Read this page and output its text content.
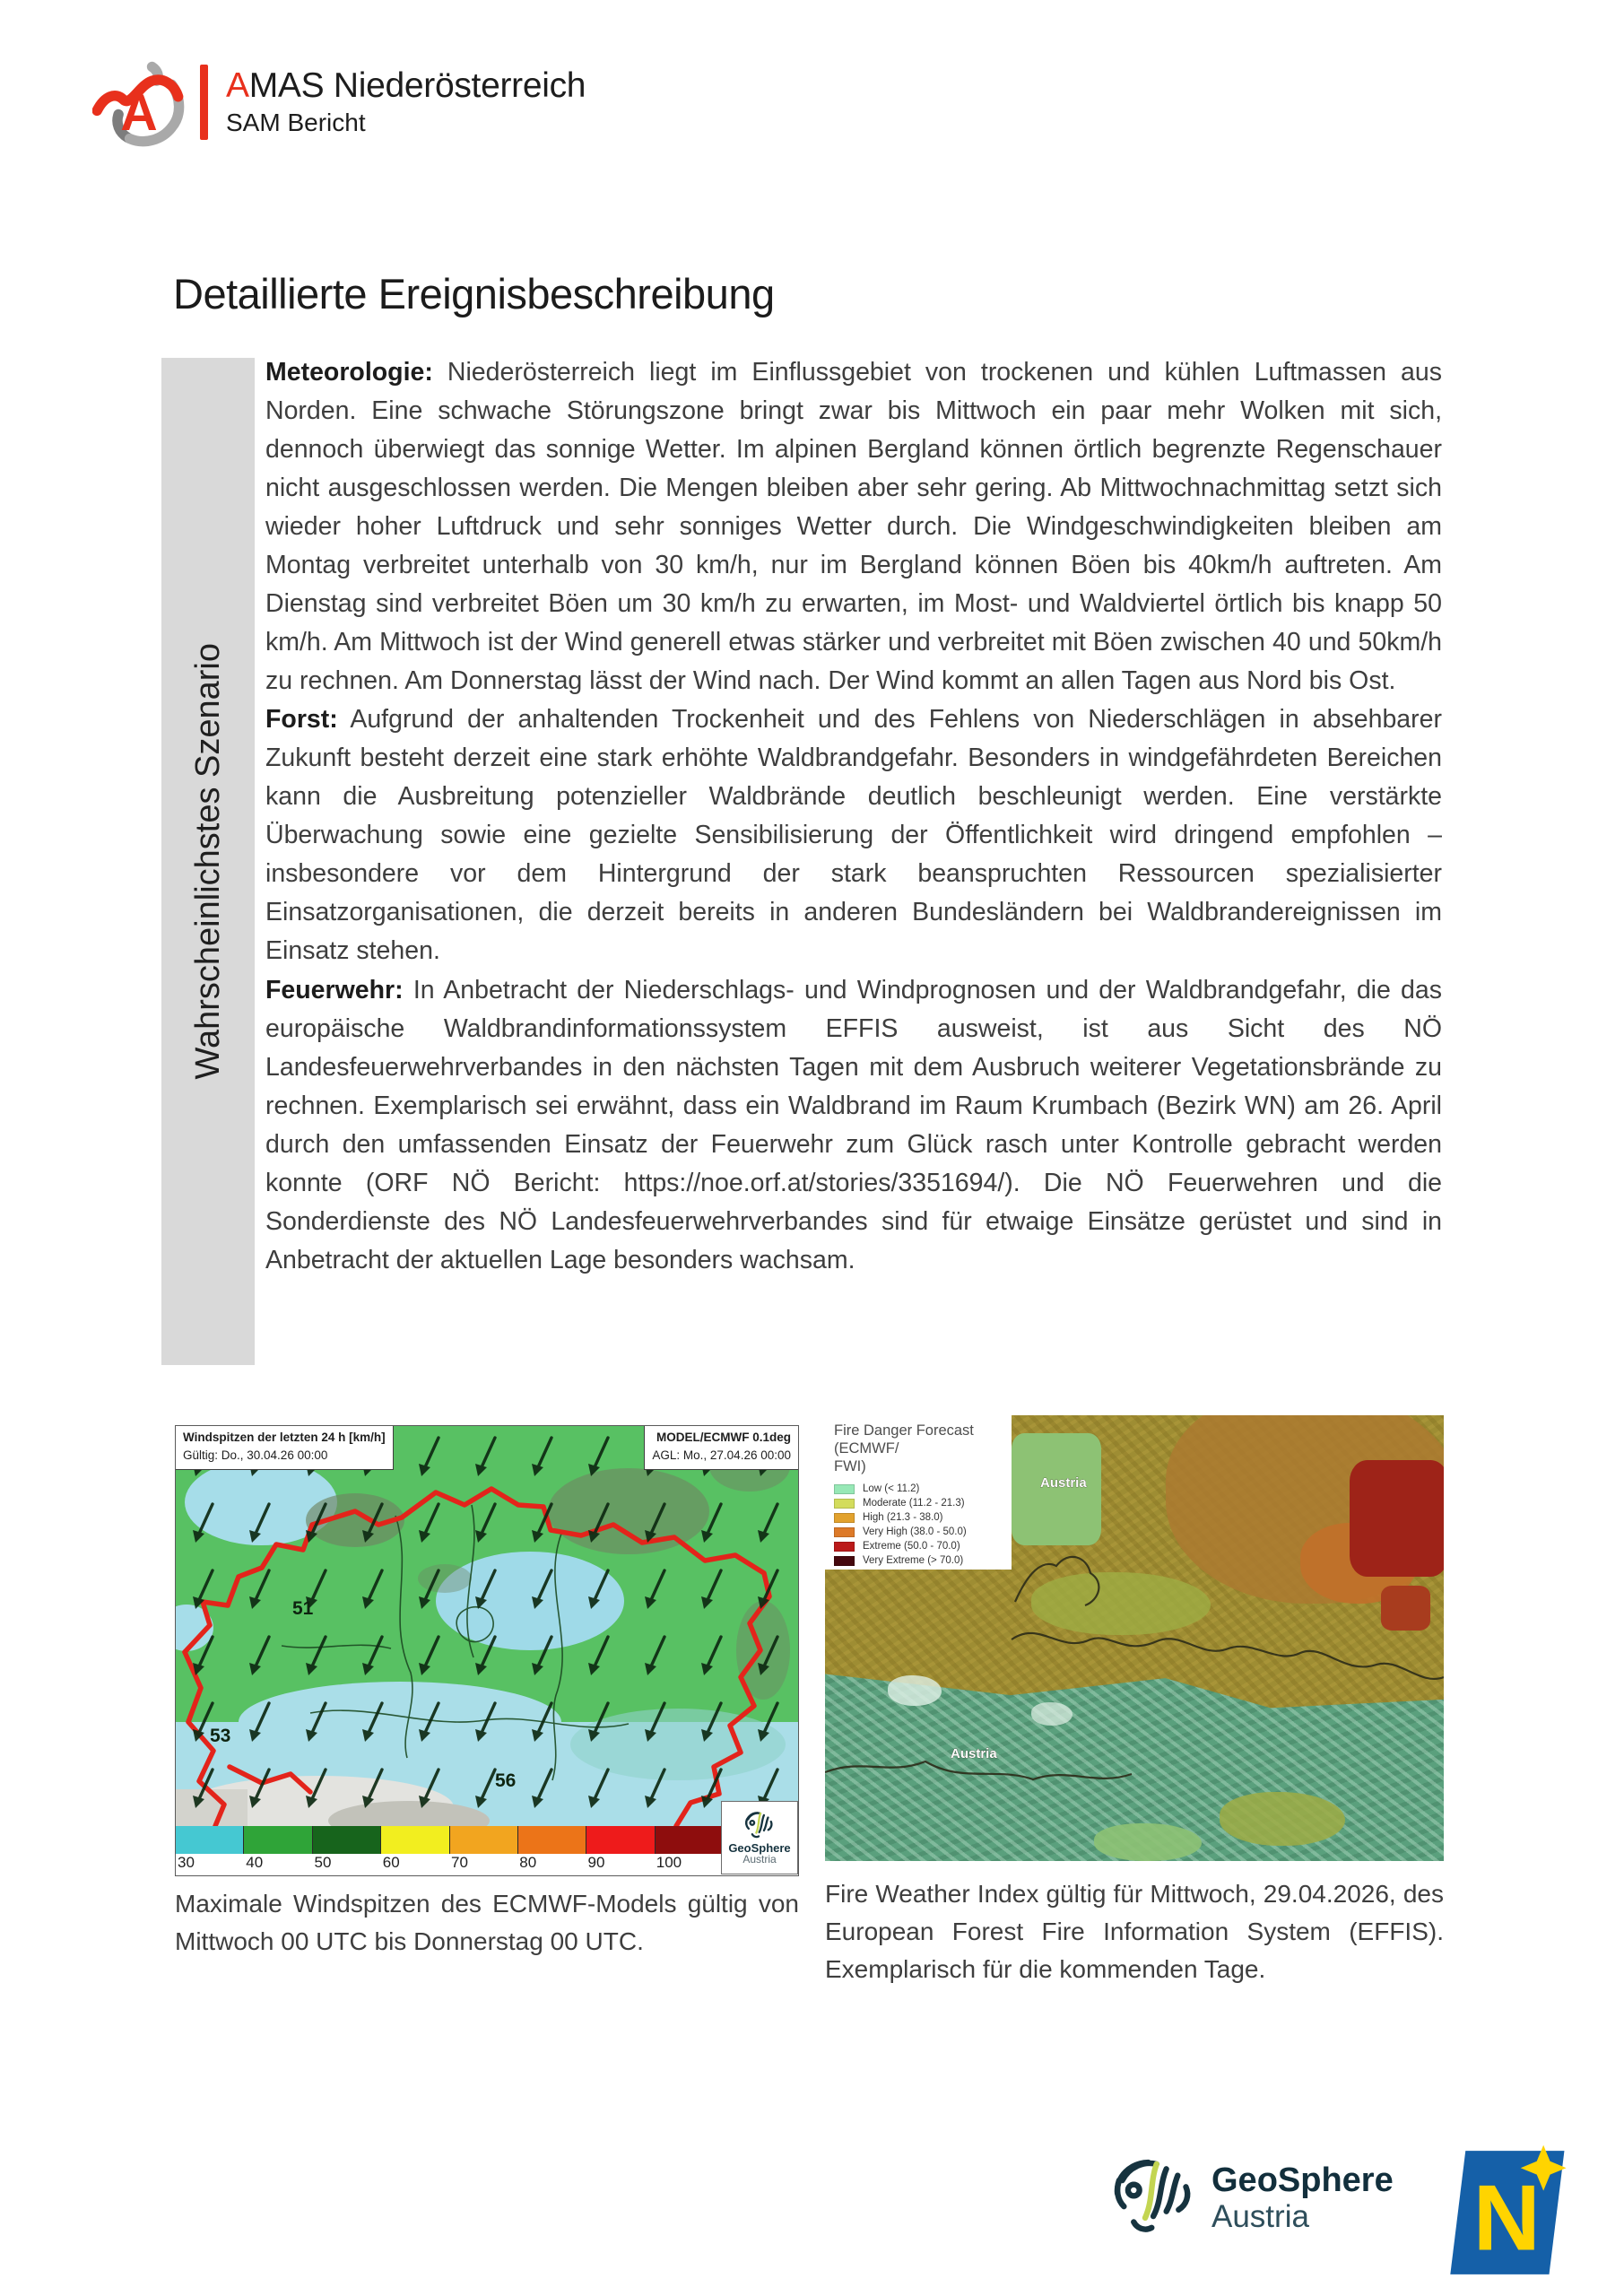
A AMAS Niederösterreich
SAM Bericht
Detaillierte Ereignisbeschreibung
Wahrscheinlichstes Szenario

Meteorologie: Niederösterreich liegt im Einflussgebiet von trockenen und kühlen Luftmassen aus Norden. Eine schwache Störungszone bringt zwar bis Mittwoch ein paar mehr Wolken mit sich, dennoch überwiegt das sonnige Wetter. Im alpinen Bergland können örtlich begrenzte Regenschauer nicht ausgeschlossen werden. Die Mengen bleiben aber sehr gering. Ab Mittwochnachmittag setzt sich wieder hoher Luftdruck und sehr sonniges Wetter durch. Die Windgeschwindigkeiten bleiben am Montag verbreitet unterhalb von 30 km/h, nur im Bergland können Böen bis 40km/h auftreten. Am Dienstag sind verbreitet Böen um 30 km/h zu erwarten, im Most- und Waldviertel örtlich bis knapp 50 km/h. Am Mittwoch ist der Wind generell etwas stärker und verbreitet mit Böen zwischen 40 und 50km/h zu rechnen. Am Donnerstag lässt der Wind nach. Der Wind kommt an allen Tagen aus Nord bis Ost.

Forst: Aufgrund der anhaltenden Trockenheit und des Fehlens von Niederschlägen in absehbarer Zukunft besteht derzeit eine stark erhöhte Waldbrandgefahr. Besonders in windgefährdeten Bereichen kann die Ausbreitung potenzieller Waldbrände deutlich beschleunigt werden. Eine verstärkte Überwachung sowie eine gezielte Sensibilisierung der Öffentlichkeit wird dringend empfohlen – insbesondere vor dem Hintergrund der stark beanspruchten Ressourcen spezialisierter Einsatzorganisationen, die derzeit bereits in anderen Bundesländern bei Waldbrandereignissen im Einsatz stehen.

Feuerwehr: In Anbetracht der Niederschlags- und Windprognosen und der Waldbrandgefahr, die das europäische Waldbrandinformationssystem EFFIS ausweist, ist aus Sicht des NÖ Landesfeuerwehrverbandes in den nächsten Tagen mit dem Ausbruch weiterer Vegetationsbrände zu rechnen. Exemplarisch sei erwähnt, dass ein Waldbrand im Raum Krumbach (Bezirk WN) am 26. April durch den umfassenden Einsatz der Feuerwehr zum Glück rasch unter Kontrolle gebracht werden konnte (ORF NÖ Bericht: https://noe.orf.at/stories/3351694/). Die NÖ Feuerwehren und die Sonderdienste des NÖ Landesfeuerwehrverbandes sind für etwaige Einsätze gerüstet und sind in Anbetracht der aktuellen Lage besonders wachsam.

51
53
56
Windspitzen der letzten 24 h [km/h]
Gültig: Do., 30.04.26 00:00
MODEL/ECMWF 0.1deg
AGL: Mo., 27.04.26 00:00
30	40	50	60	70	80	90	100
GeoSphere
Austria
Maximale Windspitzen des ECMWF-Models gültig von Mittwoch 00 UTC bis Donnerstag 00 UTC.
Austria
Austria
Fire Danger Forecast (ECMWF/
FWI)
Low (< 11.2)
Moderate (11.2 - 21.3)
High (21.3 - 38.0)
Very High (38.0 - 50.0)
Extreme (50.0 - 70.0)
Very Extreme (> 70.0)
Fire Weather Index gültig für Mittwoch, 29.04.2026, des European Forest Fire Information System (EFFIS). Exemplarisch für die kommenden Tage.
GeoSphere
Austria	N
